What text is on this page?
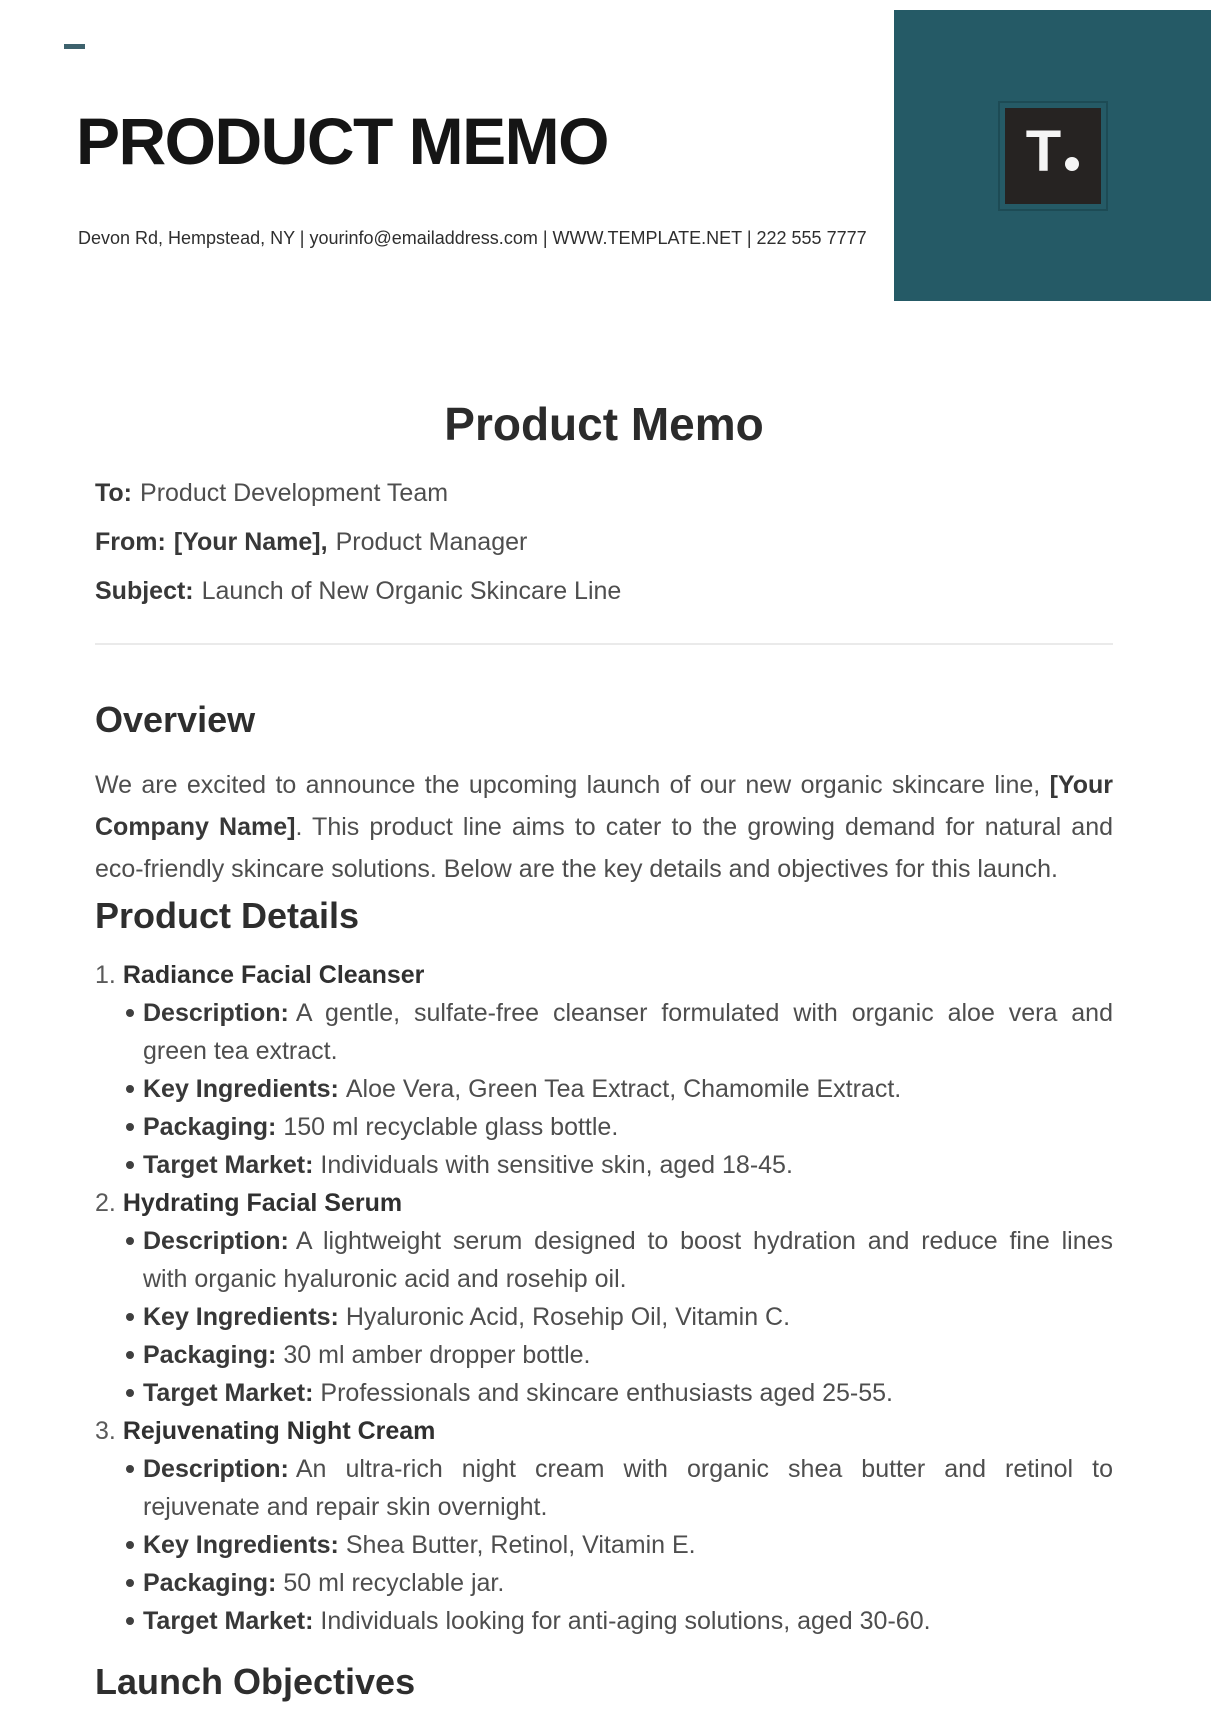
PRODUCT MEMO
Devon Rd, Hempstead, NY | yourinfo@emailaddress.com | WWW.TEMPLATE.NET | 222 555 7777
T
Product Memo

To: Product Development Team

From: [Your Name], Product Manager

Subject: Launch of New Organic Skincare Line

Overview

We are excited to announce the upcoming launch of our new organic skincare line, [Your Company Name]. This product line aims to cater to the growing demand for natural and eco-friendly skincare solutions. Below are the key details and objectives for this launch.

Product Details
1. Radiance Facial Cleanser
Description: A gentle, sulfate-free cleanser formulated with organic aloe vera and green tea extract.
Key Ingredients: Aloe Vera, Green Tea Extract, Chamomile Extract.
Packaging: 150 ml recyclable glass bottle.
Target Market: Individuals with sensitive skin, aged 18-45.
2. Hydrating Facial Serum
Description: A lightweight serum designed to boost hydration and reduce fine lines with organic hyaluronic acid and rosehip oil.
Key Ingredients: Hyaluronic Acid, Rosehip Oil, Vitamin C.
Packaging: 30 ml amber dropper bottle.
Target Market: Professionals and skincare enthusiasts aged 25-55.
3. Rejuvenating Night Cream
Description: An ultra-rich night cream with organic shea butter and retinol to rejuvenate and repair skin overnight.
Key Ingredients: Shea Butter, Retinol, Vitamin E.
Packaging: 50 ml recyclable jar.
Target Market: Individuals looking for anti-aging solutions, aged 30-60.
Launch Objectives
